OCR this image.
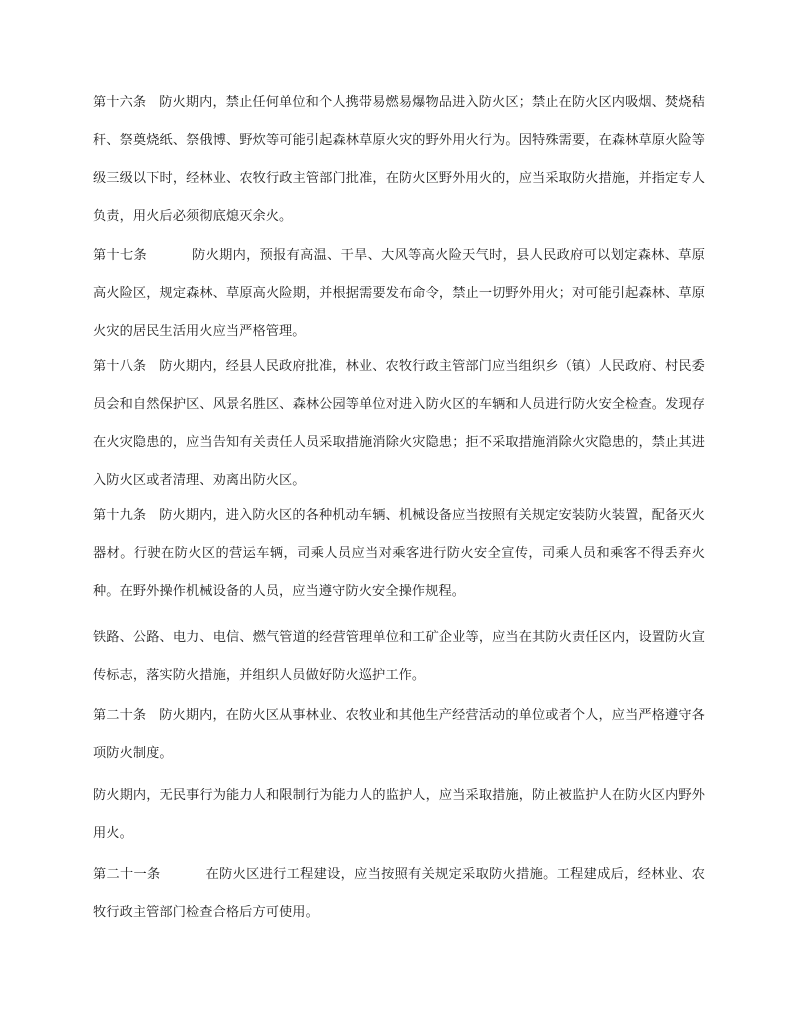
第十六条 防火期内，禁止任何单位和个人携带易燃易爆物品进入防火区；禁止在防火区内吸烟、焚烧秸秆、祭奠烧纸、祭俄博、野炊等可能引起森林草原火灾的野外用火行为。因特殊需要，在森林草原火险等级三级以下时，经林业、农牧行政主管部门批准，在防火区野外用火的，应当采取防火措施，并指定专人负责，用火后必须彻底熄灭余火。

第十七条	防火期内，预报有高温、干旱、大风等高火险天气时，县人民政府可以划定森林、草原高火险区，规定森林、草原高火险期，并根据需要发布命令，禁止一切野外用火；对可能引起森林、草原火灾的居民生活用火应当严格管理。

第十八条 防火期内，经县人民政府批准，林业、农牧行政主管部门应当组织乡（镇）人民政府、村民委员会和自然保护区、风景名胜区、森林公园等单位对进入防火区的车辆和人员进行防火安全检查。发现存在火灾隐患的，应当告知有关责任人员采取措施消除火灾隐患；拒不采取措施消除火灾隐患的，禁止其进入防火区或者清理、劝离出防火区。

第十九条 防火期内，进入防火区的各种机动车辆、机械设备应当按照有关规定安装防火装置，配备灭火器材。行驶在防火区的营运车辆，司乘人员应当对乘客进行防火安全宣传，司乘人员和乘客不得丢弃火种。在野外操作机械设备的人员，应当遵守防火安全操作规程。

铁路、公路、电力、电信、燃气管道的经营管理单位和工矿企业等，应当在其防火责任区内，设置防火宣传标志，落实防火措施，并组织人员做好防火巡护工作。

第二十条 防火期内，在防火区从事林业、农牧业和其他生产经营活动的单位或者个人，应当严格遵守各项防火制度。

防火期内，无民事行为能力人和限制行为能力人的监护人，应当采取措施，防止被监护人在防火区内野外用火。

第二十一条	在防火区进行工程建设，应当按照有关规定采取防火措施。工程建成后，经林业、农牧行政主管部门检查合格后方可使用。
